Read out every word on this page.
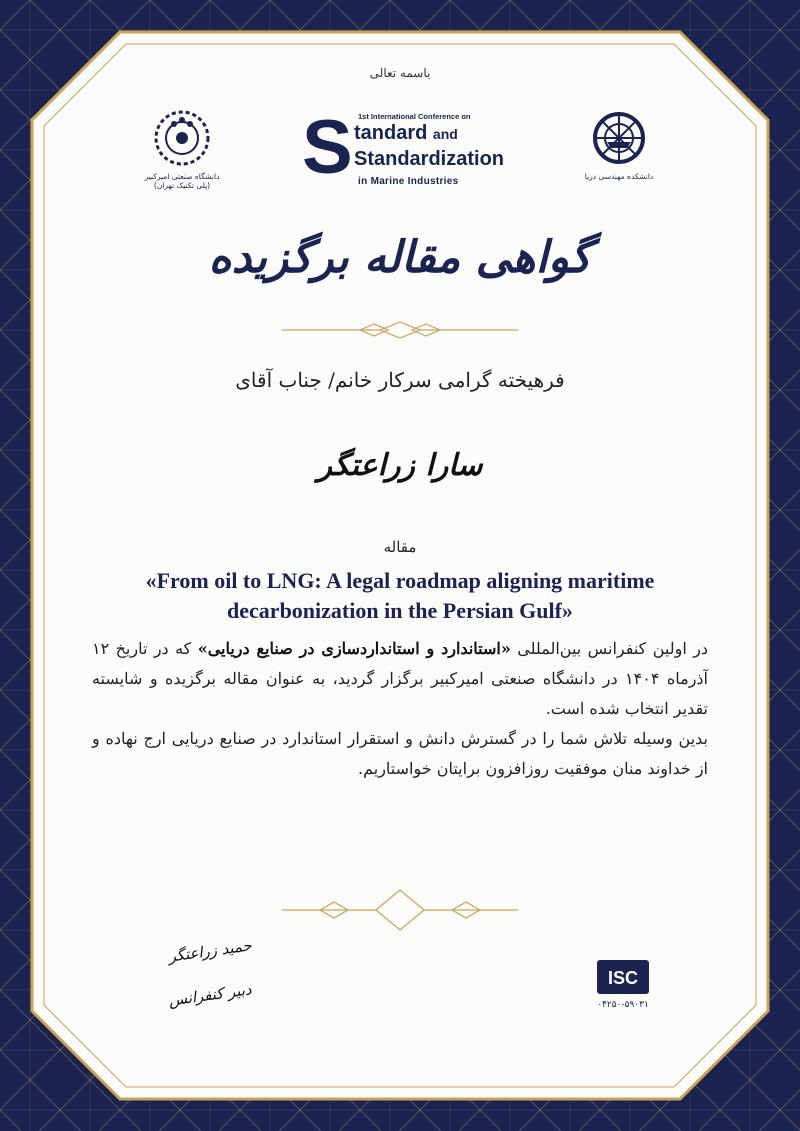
باسمه تعالی
دانشگاه صنعتی امیرکبیر
(پلی تکنیک تهران)
1st International Conference on
S tandard and
Standardization
in Marine Industries	دانشکده مهندسی دریا
گواهی مقاله برگزیده
فرهیخته گرامی سرکار خانم/ جناب آقای
سارا زراعتگر
مقاله
«From oil to LNG: A legal roadmap aligning maritime decarbonization in the Persian Gulf»
در اولین کنفرانس بین‌المللی «استاندارد و استانداردسازی در صنایع دریایی» که در تاریخ ۱۲ آذرماه ۱۴۰۴ در دانشگاه صنعتی امیرکبیر برگزار گردید، به عنوان مقاله برگزیده و شایسته تقدیر انتخاب شده است.
بدین وسیله تلاش شما را در گسترش دانش و استقرار استاندارد در صنایع دریایی ارج نهاده و از خداوند منان موفقیت روزافزون برایتان خواستاریم.
حمید زراعتگر
دبیر کنفرانس
ISC
۰۴۲۵۰-۵۹۰۳۱
